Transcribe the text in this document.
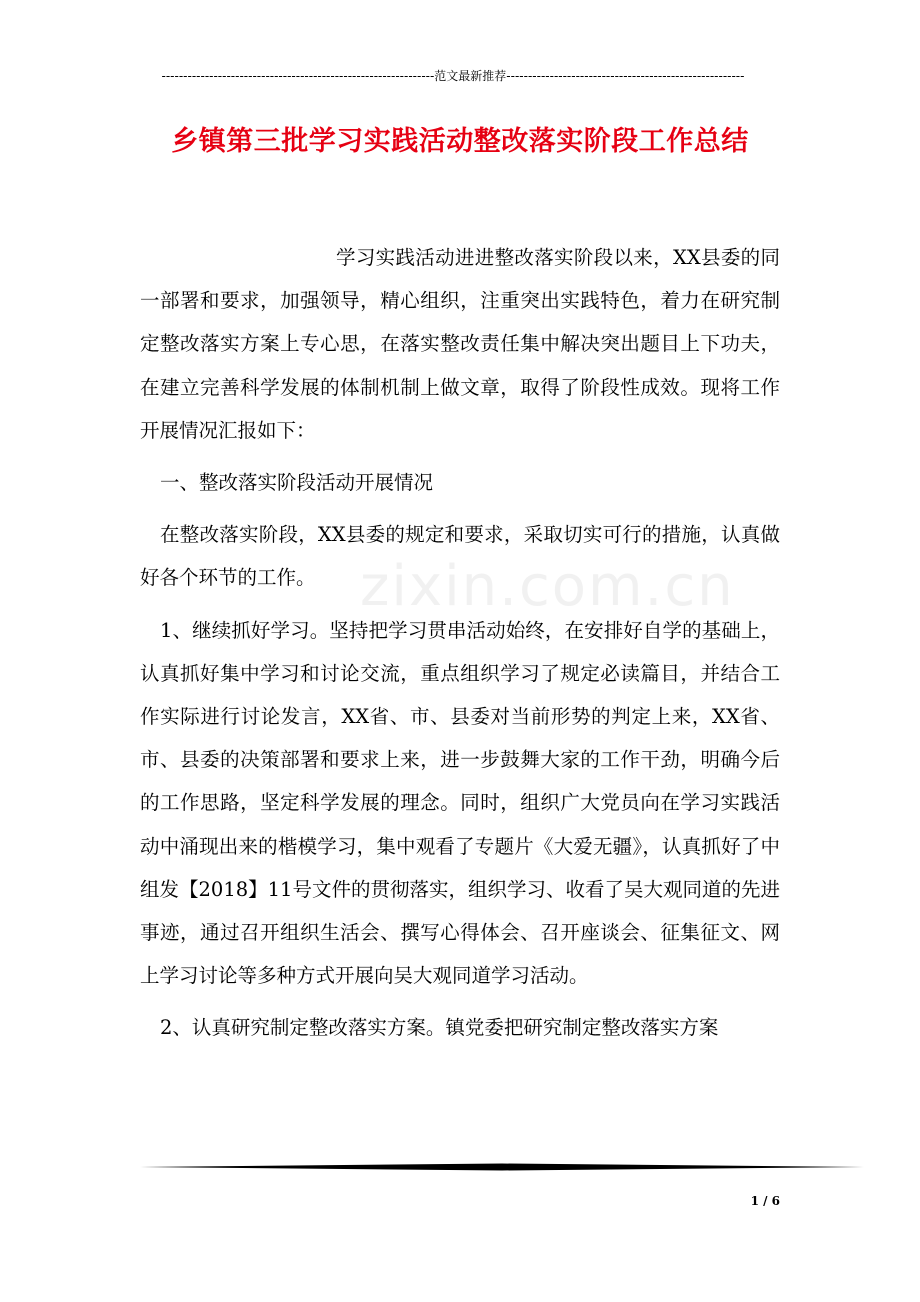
---------------------------------------------------------------范文最新推荐-------------------------------------------------------
乡镇第三批学习实践活动整改落实阶段工作总结
zixin.com.cn

学习实践活动进进整改落实阶段以来，XX县委的同一部署和要求，加强领导，精心组织，注重突出实践特色，着力在研究制定整改落实方案上专心思，在落实整改责任集中解决突出题目上下功夫，在建立完善科学发展的体制机制上做文章，取得了阶段性成效。现将工作开展情况汇报如下：

一、整改落实阶段活动开展情况

在整改落实阶段，XX县委的规定和要求，采取切实可行的措施，认真做好各个环节的工作。

1、继续抓好学习。坚持把学习贯串活动始终，在安排好自学的基础上，认真抓好集中学习和讨论交流，重点组织学习了规定必读篇目，并结合工作实际进行讨论发言，XX省、市、县委对当前形势的判定上来，XX省、市、县委的决策部署和要求上来，进一步鼓舞大家的工作干劲，明确今后的工作思路，坚定科学发展的理念。同时，组织广大党员向在学习实践活动中涌现出来的楷模学习，集中观看了专题片《大爱无疆》，认真抓好了中组发【2018】11号文件的贯彻落实，组织学习、收看了吴大观同道的先进事迹，通过召开组织生活会、撰写心得体会、召开座谈会、征集征文、网上学习讨论等多种方式开展向吴大观同道学习活动。

2、认真研究制定整改落实方案。镇党委把研究制定整改落实方案

1 / 6
